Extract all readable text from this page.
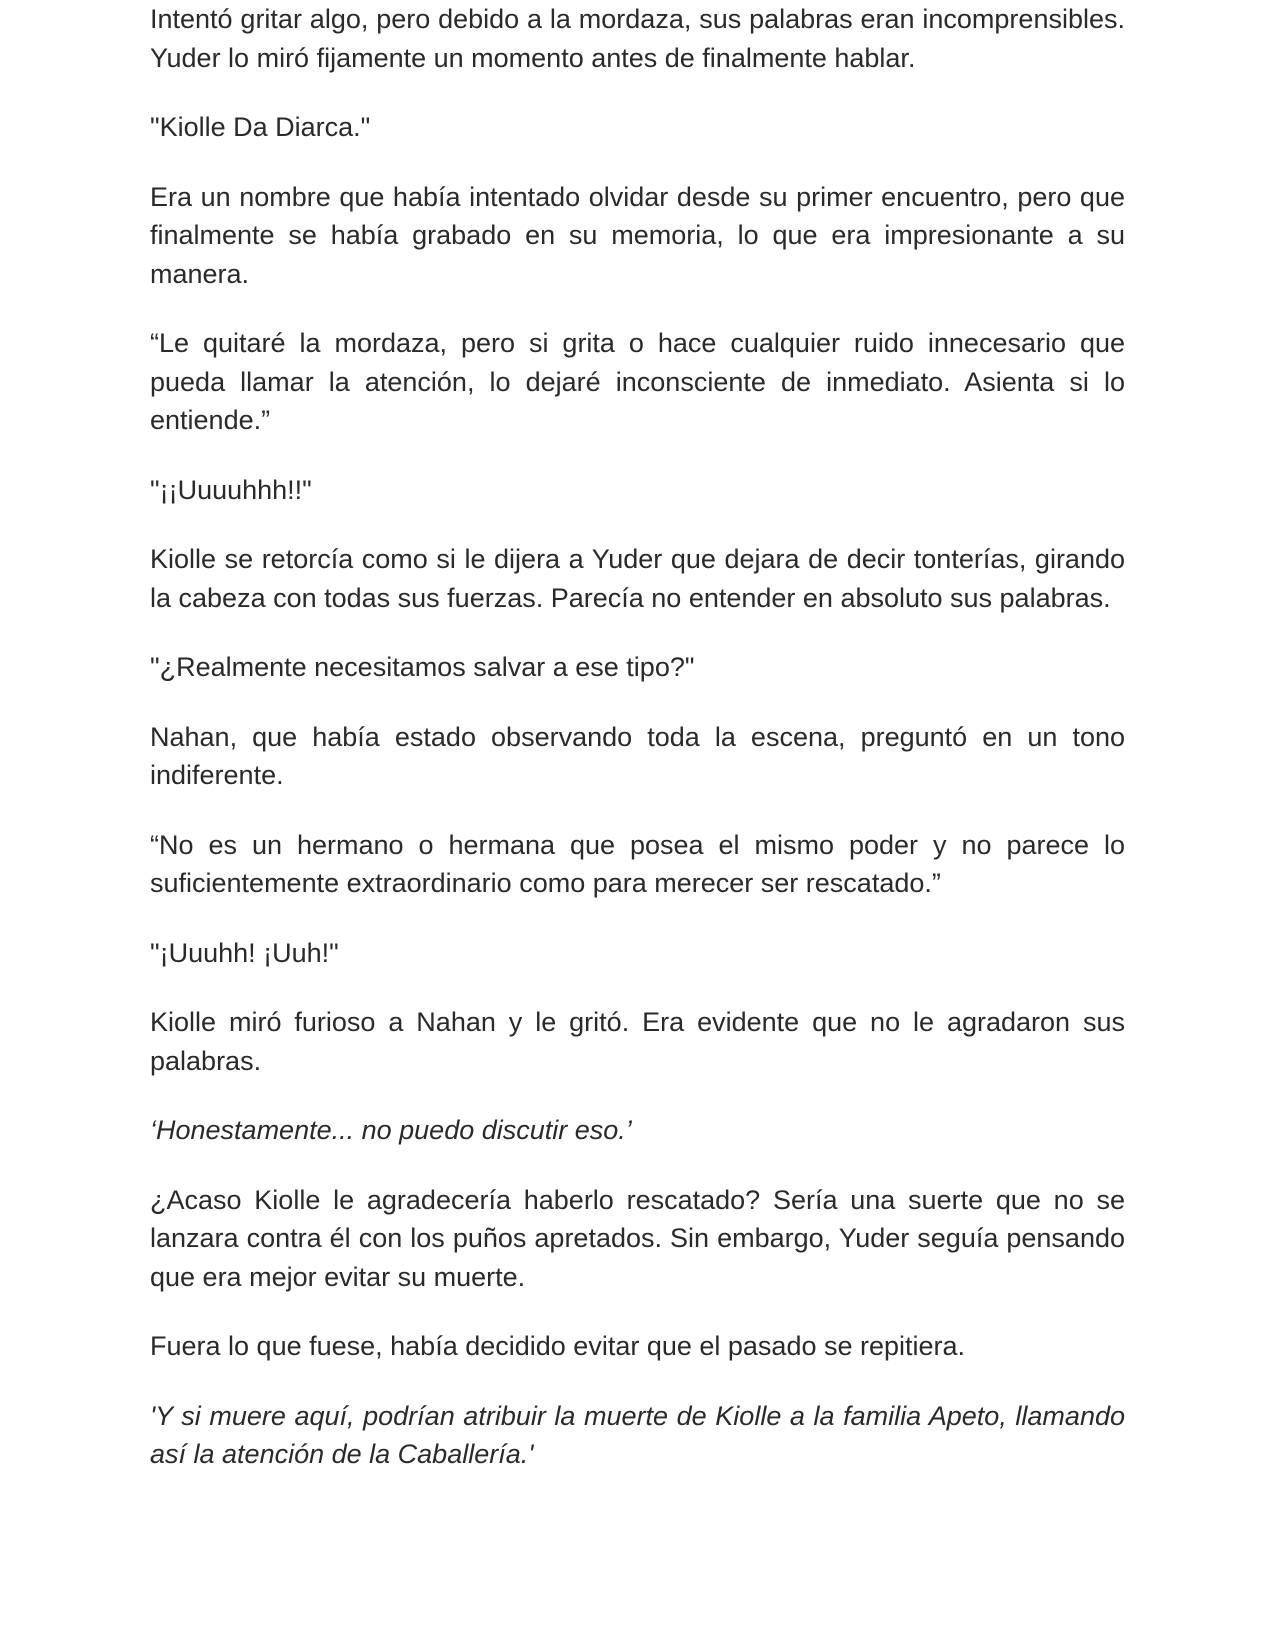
Intentó gritar algo, pero debido a la mordaza, sus palabras eran incomprensibles. Yuder lo miró fijamente un momento antes de finalmente hablar.

"Kiolle Da Diarca."

Era un nombre que había intentado olvidar desde su primer encuentro, pero que finalmente se había grabado en su memoria, lo que era impresionante a su manera.

“Le quitaré la mordaza, pero si grita o hace cualquier ruido innecesario que pueda llamar la atención, lo dejaré inconsciente de inmediato. Asienta si lo entiende.”

"¡¡Uuuuhhh!!"

Kiolle se retorcía como si le dijera a Yuder que dejara de decir tonterías, girando la cabeza con todas sus fuerzas. Parecía no entender en absoluto sus palabras.

"¿Realmente necesitamos salvar a ese tipo?"

Nahan, que había estado observando toda la escena, preguntó en un tono indiferente.

“No es un hermano o hermana que posea el mismo poder y no parece lo suficientemente extraordinario como para merecer ser rescatado.”

"¡Uuuhh! ¡Uuh!"

Kiolle miró furioso a Nahan y le gritó. Era evidente que no le agradaron sus palabras.

‘Honestamente... no puedo discutir eso.’

¿Acaso Kiolle le agradecería haberlo rescatado? Sería una suerte que no se lanzara contra él con los puños apretados. Sin embargo, Yuder seguía pensando que era mejor evitar su muerte.

Fuera lo que fuese, había decidido evitar que el pasado se repitiera.

'Y si muere aquí, podrían atribuir la muerte de Kiolle a la familia Apeto, llamando así la atención de la Caballería.'
